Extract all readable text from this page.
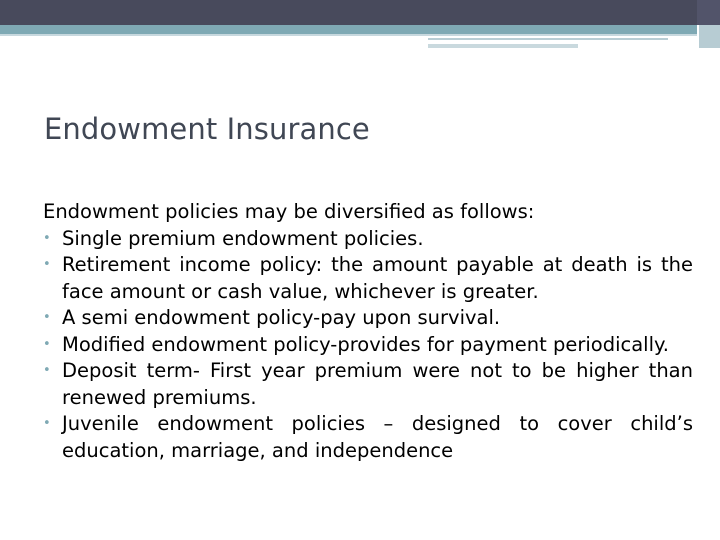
Endowment Insurance

Endowment policies may be diversified as follows:

• Single premium endowment policies.
• Retirement income policy: the amount payable at death is the face amount or cash value, whichever is greater.
• A semi endowment policy-pay upon survival.
• Modified endowment policy-provides for payment periodically.
• Deposit term- First year premium were not to be higher than renewed premiums.
• Juvenile endowment policies – designed to cover child’s education, marriage, and independence
